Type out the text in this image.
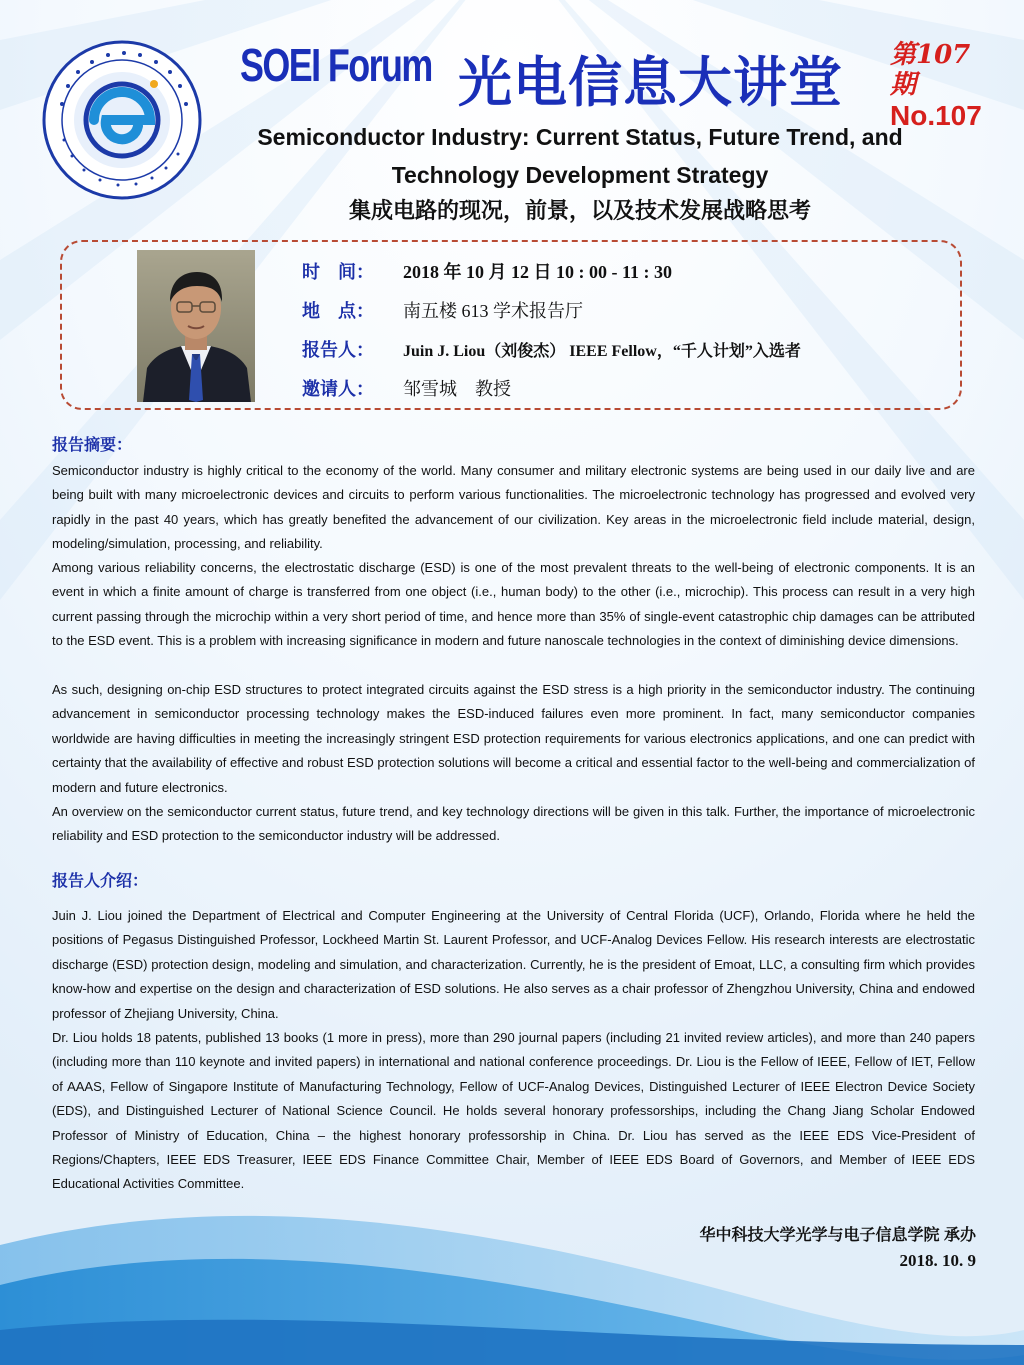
SOEI Forum 光电信息大讲堂 第107期
No.107
Semiconductor Industry: Current Status, Future Trend, and
Technology Development Strategy
集成电路的现况，前景，以及技术发展战略思考
时　间： 2018 年 10 月 12 日 10 : 00 - 11 : 30
地　点： 南五楼 613 学术报告厅
报告人： Juin J. Liou（刘俊杰） IEEE Fellow，“千人计划”入选者
邀请人： 邹雪城　教授
报告摘要：

Semiconductor industry is highly critical to the economy of the world. Many consumer and military electronic systems are being used in our daily live and are being built with many microelectronic devices and circuits to perform various functionalities. The microelectronic technology has progressed and evolved very rapidly in the past 40 years, which has greatly benefited the advancement of our civilization. Key areas in the microelectronic field include material, design, modeling/simulation, processing, and reliability.

Among various reliability concerns, the electrostatic discharge (ESD) is one of the most prevalent threats to the well-being of electronic components. It is an event in which a finite amount of charge is transferred from one object (i.e., human body) to the other (i.e., microchip). This process can result in a very high current passing through the microchip within a very short period of time, and hence more than 35% of single-event catastrophic chip damages can be attributed to the ESD event. This is a problem with increasing significance in modern and future nanoscale technologies in the context of diminishing device dimensions.

As such, designing on-chip ESD structures to protect integrated circuits against the ESD stress is a high priority in the semiconductor industry. The continuing advancement in semiconductor processing technology makes the ESD-induced failures even more prominent. In fact, many semiconductor companies worldwide are having difficulties in meeting the increasingly stringent ESD protection requirements for various electronics applications, and one can predict with certainty that the availability of effective and robust ESD protection solutions will become a critical and essential factor to the well-being and commercialization of modern and future electronics.

An overview on the semiconductor current status, future trend, and key technology directions will be given in this talk. Further, the importance of microelectronic reliability and ESD protection to the semiconductor industry will be addressed.

报告人介绍：

Juin J. Liou joined the Department of Electrical and Computer Engineering at the University of Central Florida (UCF), Orlando, Florida where he held the positions of Pegasus Distinguished Professor, Lockheed Martin St. Laurent Professor, and UCF-Analog Devices Fellow. His research interests are electrostatic discharge (ESD) protection design, modeling and simulation, and characterization. Currently, he is the president of Emoat, LLC, a consulting firm which provides know-how and expertise on the design and characterization of ESD solutions. He also serves as a chair professor of Zhengzhou University, China and endowed professor of Zhejiang University, China.

Dr. Liou holds 18 patents, published 13 books (1 more in press), more than 290 journal papers (including 21 invited review articles), and more than 240 papers (including more than 110 keynote and invited papers) in international and national conference proceedings. Dr. Liou is the Fellow of IEEE, Fellow of IET, Fellow of AAAS, Fellow of Singapore Institute of Manufacturing Technology, Fellow of UCF-Analog Devices, Distinguished Lecturer of IEEE Electron Device Society (EDS), and Distinguished Lecturer of National Science Council. He holds several honorary professorships, including the Chang Jiang Scholar Endowed Professor of Ministry of Education, China – the highest honorary professorship in China. Dr. Liou has served as the IEEE EDS Vice-President of Regions/Chapters, IEEE EDS Treasurer, IEEE EDS Finance Committee Chair, Member of IEEE EDS Board of Governors, and Member of IEEE EDS Educational Activities Committee.

华中科技大学光学与电子信息学院 承办
2018. 10. 9
